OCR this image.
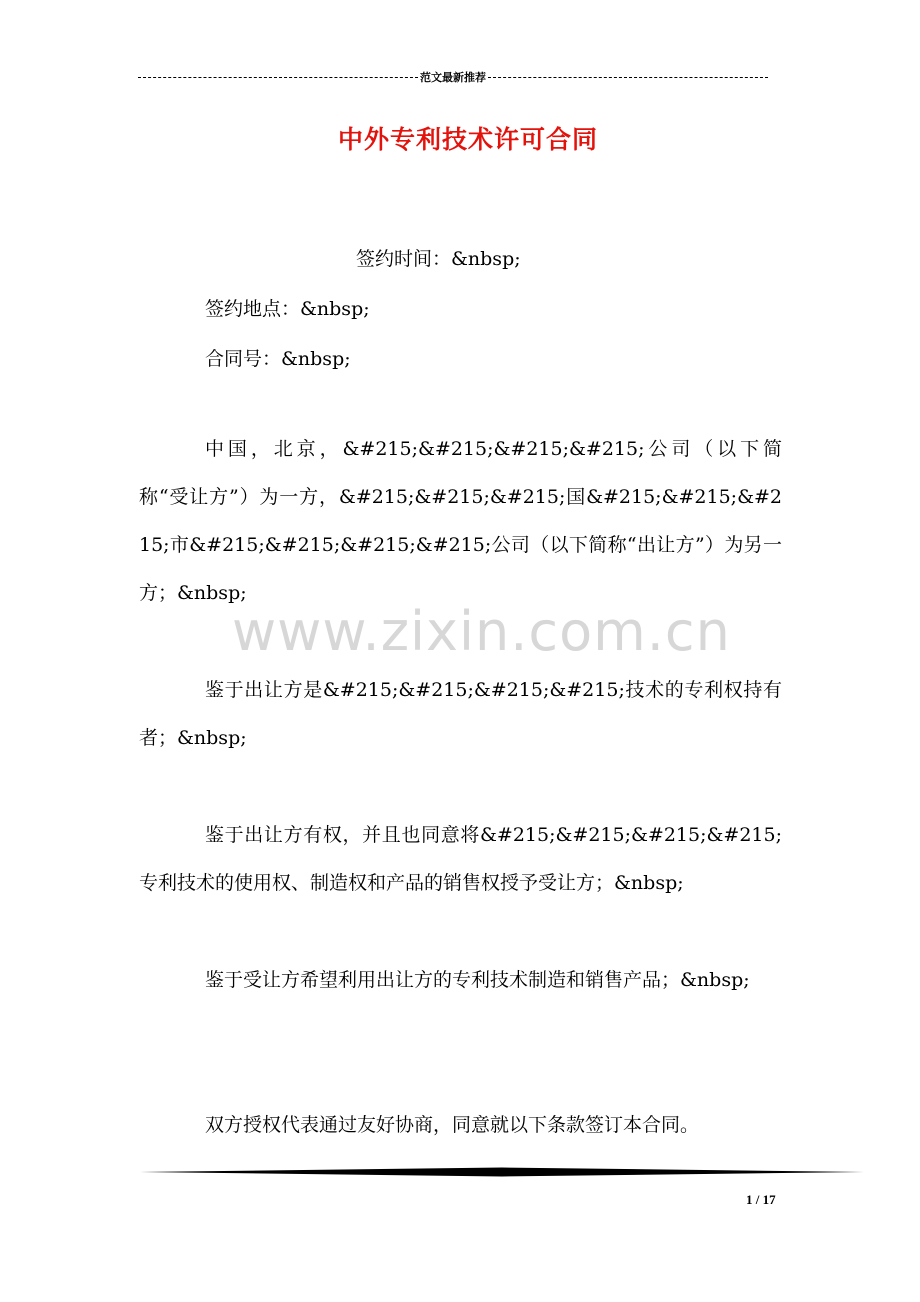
范文最新推荐
中外专利技术许可合同
签约时间：&nbsp;
签约地点：&nbsp;
合同号：&nbsp;
中国，北京，&#215;&#215;&#215;&#215;公司（以下简称“受让方”）为一方，&#215;&#215;&#215;国&#215;&#215;&#215;市&#215;&#215;&#215;&#215;公司（以下简称“出让方”）为另一方；&nbsp;
www.zixin.com.cn
鉴于出让方是&#215;&#215;&#215;&#215;技术的专利权持有者；&nbsp;
鉴于出让方有权，并且也同意将&#215;&#215;&#215;&#215;专利技术的使用权、制造权和产品的销售权授予受让方；&nbsp;
鉴于受让方希望利用出让方的专利技术制造和销售产品；&nbsp;
双方授权代表通过友好协商，同意就以下条款签订本合同。
1 / 17
